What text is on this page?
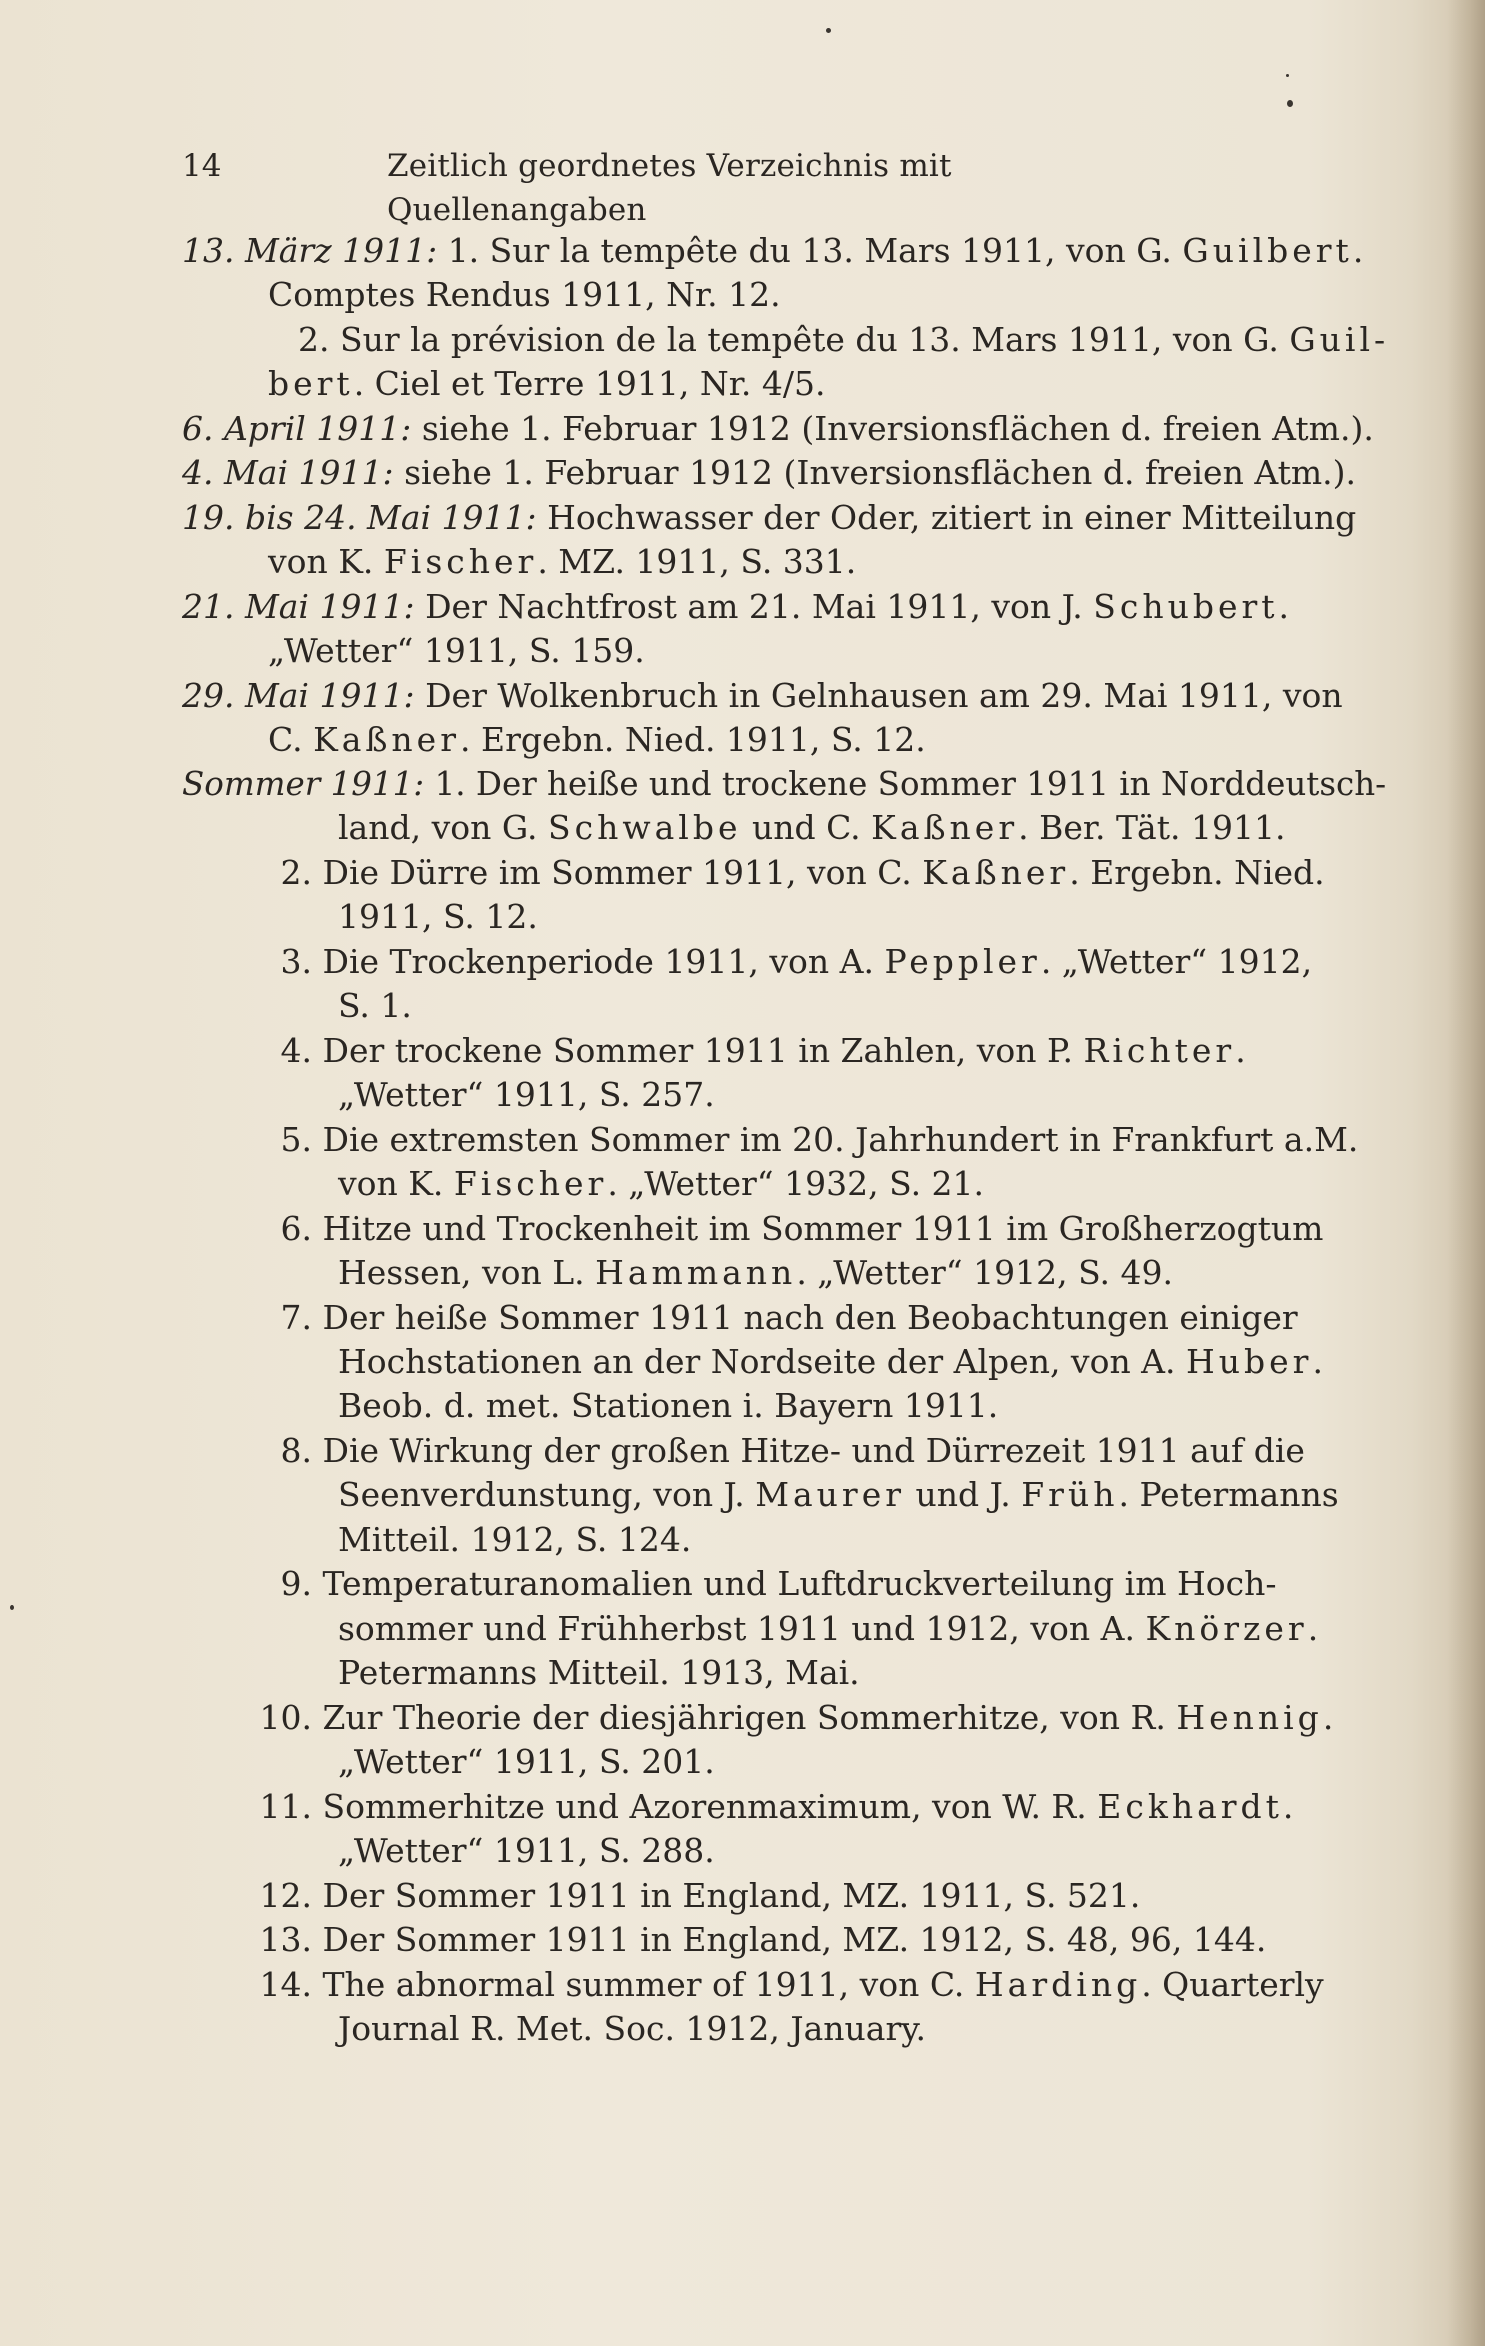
14	Zeitlich geordnetes Verzeichnis mit Quellenangaben
13. März 1911: 1. Sur la tempête du 13. Mars 1911, von G. Guilbert.
Comptes Rendus 1911, Nr. 12.
2. Sur la prévision de la tempête du 13. Mars 1911, von G. Guil-
bert. Ciel et Terre 1911, Nr. 4/5.
6. April 1911: siehe 1. Februar 1912 (Inversionsflächen d. freien Atm.).
4. Mai 1911: siehe 1. Februar 1912 (Inversionsflächen d. freien Atm.).
19. bis 24. Mai 1911: Hochwasser der Oder, zitiert in einer Mitteilung
von K. Fischer. MZ. 1911, S. 331.
21. Mai 1911: Der Nachtfrost am 21. Mai 1911, von J. Schubert.
„Wetter“ 1911, S. 159.
29. Mai 1911: Der Wolkenbruch in Gelnhausen am 29. Mai 1911, von
C. Kaßner. Ergebn. Nied. 1911, S. 12.
Sommer 1911: 1. Der heiße und trockene Sommer 1911 in Norddeutsch-
land, von G. Schwalbe und C. Kaßner. Ber. Tät. 1911.
2. Die Dürre im Sommer 1911, von C. Kaßner. Ergebn. Nied.
1911, S. 12.
3. Die Trockenperiode 1911, von A. Peppler. „Wetter“ 1912,
S. 1.
4. Der trockene Sommer 1911 in Zahlen, von P. Richter.
„Wetter“ 1911, S. 257.
5. Die extremsten Sommer im 20. Jahrhundert in Frankfurt a.M.
von K. Fischer. „Wetter“ 1932, S. 21.
6. Hitze und Trockenheit im Sommer 1911 im Großherzogtum
Hessen, von L. Hammann. „Wetter“ 1912, S. 49.
7. Der heiße Sommer 1911 nach den Beobachtungen einiger
Hochstationen an der Nordseite der Alpen, von A. Huber.
Beob. d. met. Stationen i. Bayern 1911.
8. Die Wirkung der großen Hitze- und Dürrezeit 1911 auf die
Seenverdunstung, von J. Maurer und J. Früh. Petermanns
Mitteil. 1912, S. 124.
9. Temperaturanomalien und Luftdruckverteilung im Hoch-
sommer und Frühherbst 1911 und 1912, von A. Knörzer.
Petermanns Mitteil. 1913, Mai.
10. Zur Theorie der diesjährigen Sommerhitze, von R. Hennig.
„Wetter“ 1911, S. 201.
11. Sommerhitze und Azorenmaximum, von W. R. Eckhardt.
„Wetter“ 1911, S. 288.
12. Der Sommer 1911 in England, MZ. 1911, S. 521.
13. Der Sommer 1911 in England, MZ. 1912, S. 48, 96, 144.
14. The abnormal summer of 1911, von C. Harding. Quarterly
Journal R. Met. Soc. 1912, January.
